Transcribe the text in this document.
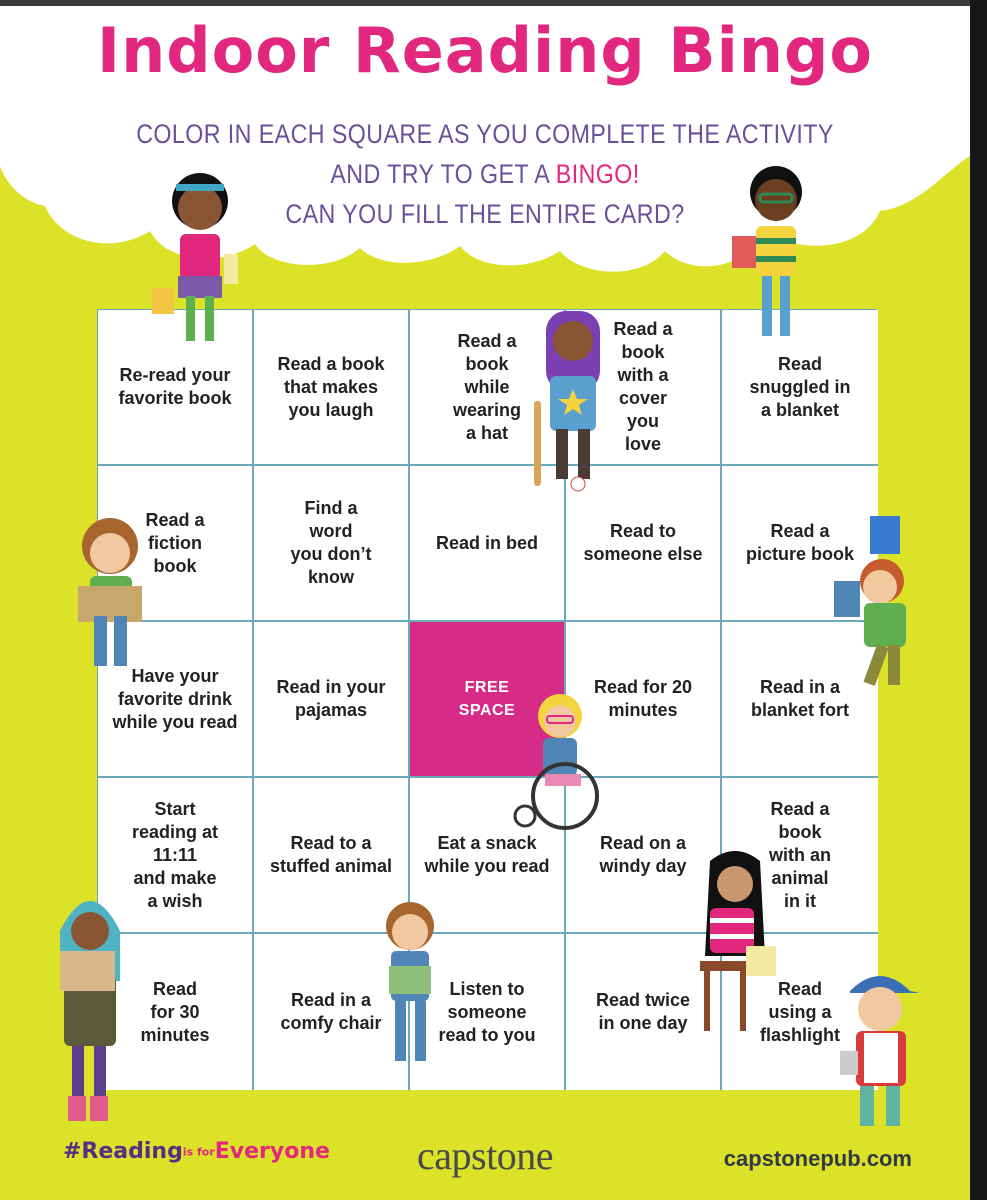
Indoor Reading Bingo
COLOR IN EACH SQUARE AS YOU COMPLETE THE ACTIVITY
AND TRY TO GET A BINGO!
CAN YOU FILL THE ENTIRE CARD?
Re-read your
favorite book
Read a book
that makes
you laugh
Read a
book
while
wearing
a hat
Read a
book
with a
cover
you
love
Read
snuggled in
a blanket
Read a
fiction
book
Find a
word
you don’t
know
Read in bed
Read to
someone else
Read a
picture book
Have your
favorite drink
while you read
Read in your
pajamas
FREE
SPACE
Read for 20
minutes
Read in a
blanket fort
Start
reading at
11:11
and make
a wish
Read to a
stuffed animal
Eat a snack
while you read
Read on a
windy day
Read a
book
with an
animal
in it
Read
for 30
minutes
Read in a
comfy chair
Listen to
someone
read to you
Read twice
in one day
Read
using a
flashlight
#Readingis forEveryone	capstone	capstonepub.com
